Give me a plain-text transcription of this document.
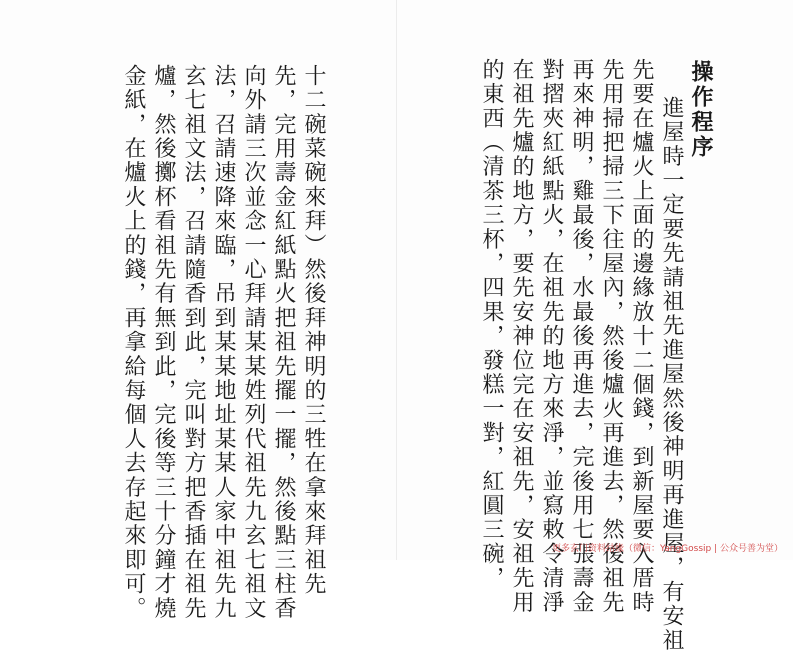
操作程序
進屋時一定要先請祖先進屋然後神明再進屋，有安祖
先要在爐火上面的邊緣放十二個錢，到新屋要入厝時
先用掃把掃三下往屋內，然後爐火再進去，然後祖先
再來神明，雞最後，水最後再進去，完後用七張壽金
對摺夾紅紙點火，在祖先的地方來淨，並寫敕令清淨
在祖先爐的地方，要先安神位完在安祖先，安祖先用
的東西（清茶三杯，四果，發糕一對，紅圓三碗，
十二碗菜碗來拜）然後拜神明的三牲在拿來拜祖先
先，完用壽金紅紙點火把祖先擺一擺，然後點三柱香
向外請三次並念一心拜請某某姓列代祖先九玄七祖文
法，召請速降來臨，吊到某某地址某某人家中祖先九
玄七祖文法，召請隨香到此，完叫對方把香插在祖先
爐，然後擲杯看祖先有無到此，完後等三十分鐘才燒
金紙，在爐火上的錢，再拿給每個人去存起來即可。	更多玄门资料结缘（微信：YangGossip | 公众号善为堂）
